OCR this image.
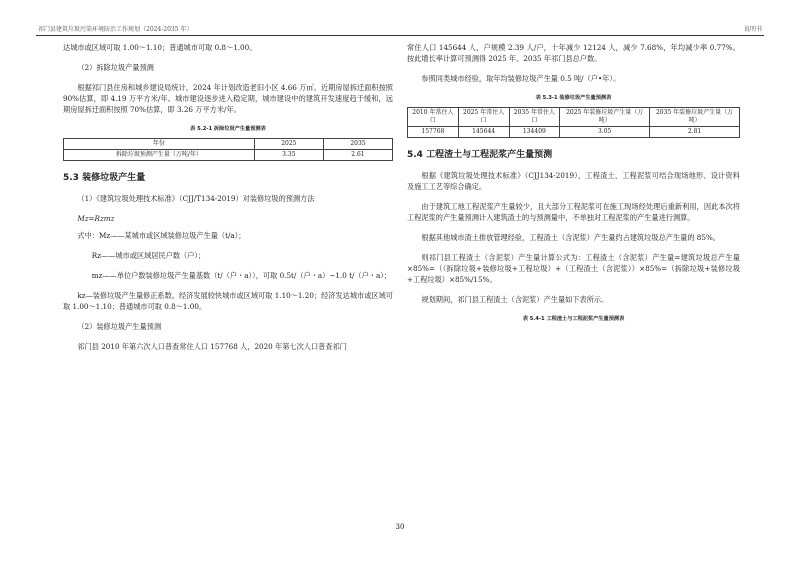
祁门县建筑垃圾污染环境防治工作规划（2024-2035 年）	说明书

达城市或区域可取 1.00～1.10；普通城市可取 0.8～1.00。

（2）拆除垃圾产量预测

根据祁门县住房和城乡建设局统计，2024 年计划改造老旧小区 4.66 万㎡。近期房屋拆迁面积按照 90%估算，即 4.19 万平方米/年。城市建设逐步进入稳定期，城市建设中的建筑开发速度趋于缓和，远期房屋拆迁面积按照 70%估算，即 3.26 万平方米/年。

表 5.2-1 拆除垃圾产生量预测表
年份	2025	2035
拆除垃圾预测产生量（万吨/年）	3.35	2.61
5.3 装修垃圾产生量

（1）《建筑垃圾处理技术标准》（CJJ/T134-2019）对装修垃圾的预测方法

Mz=Rzmz

式中：Mz——某城市或区域装修垃圾产生量（t/a）；

Rz——城市或区域居民户数（户）；

mz——单位户数装修垃圾产生量基数（t/（户・a）），可取 0.5t/（户・a）~1.0 t/（户・a）；

kz—装修垃圾产生量修正系数。经济发展较快城市或区域可取 1.10～1.20；经济发达城市或区域可取 1.00～1.10；普通城市可取 0.8～1.00。

（2）装修垃圾产生量预测

祁门县 2010 年第六次人口普查常住人口 157768 人，2020 年第七次人口普查祁门

常住人口 145644 人，户规模 2.39 人/户，十年减少 12124 人，减少 7.68%，年均减少率 0.77%。按此增长率计算可预测得 2025 年、2035 年祁门县总户数。

参照同类城市经验，取年均装修垃圾产生量 0.5 吨/（户•年）。

表 5.3-1 装修垃圾产生量预测表
2010 年常住人口	2025 年常住人口	2035 年常住人口	2025 年装修垃圾产生量（万吨）	2035 年装修垃圾产生量（万吨）
157768	145644	134409	3.05	2.81
5.4 工程渣土与工程泥浆产生量预测

根据《建筑垃圾处理技术标准》（CJJ134-2019），工程渣土、工程泥浆可结合现场地形、设计资料及施工工艺等综合确定。

由于建筑工地工程泥浆产生量较少，且大部分工程泥浆可在施工现场经处理后重新利用，因此本次将工程泥浆的产生量预测计入建筑渣土的与预测量中，不单独对工程泥浆的产生量进行测算。

根据其他城市渣土排放管理经验，工程渣土（含泥浆）产生量约占建筑垃圾总产生量的 85%。

则祁门县工程渣土（含泥浆）产生量计算公式为：工程渣土（含泥浆）产生量=建筑垃圾总产生量×85%=（（拆除垃圾+装修垃圾+工程垃圾）+（工程渣土（含泥浆））×85%=（拆除垃圾+装修垃圾+工程垃圾）×85%/15%。

规划期间，祁门县工程渣土（含泥浆）产生量如下表所示。

表 5.4-1 工程渣土与工程泥浆产生量预测表
30
